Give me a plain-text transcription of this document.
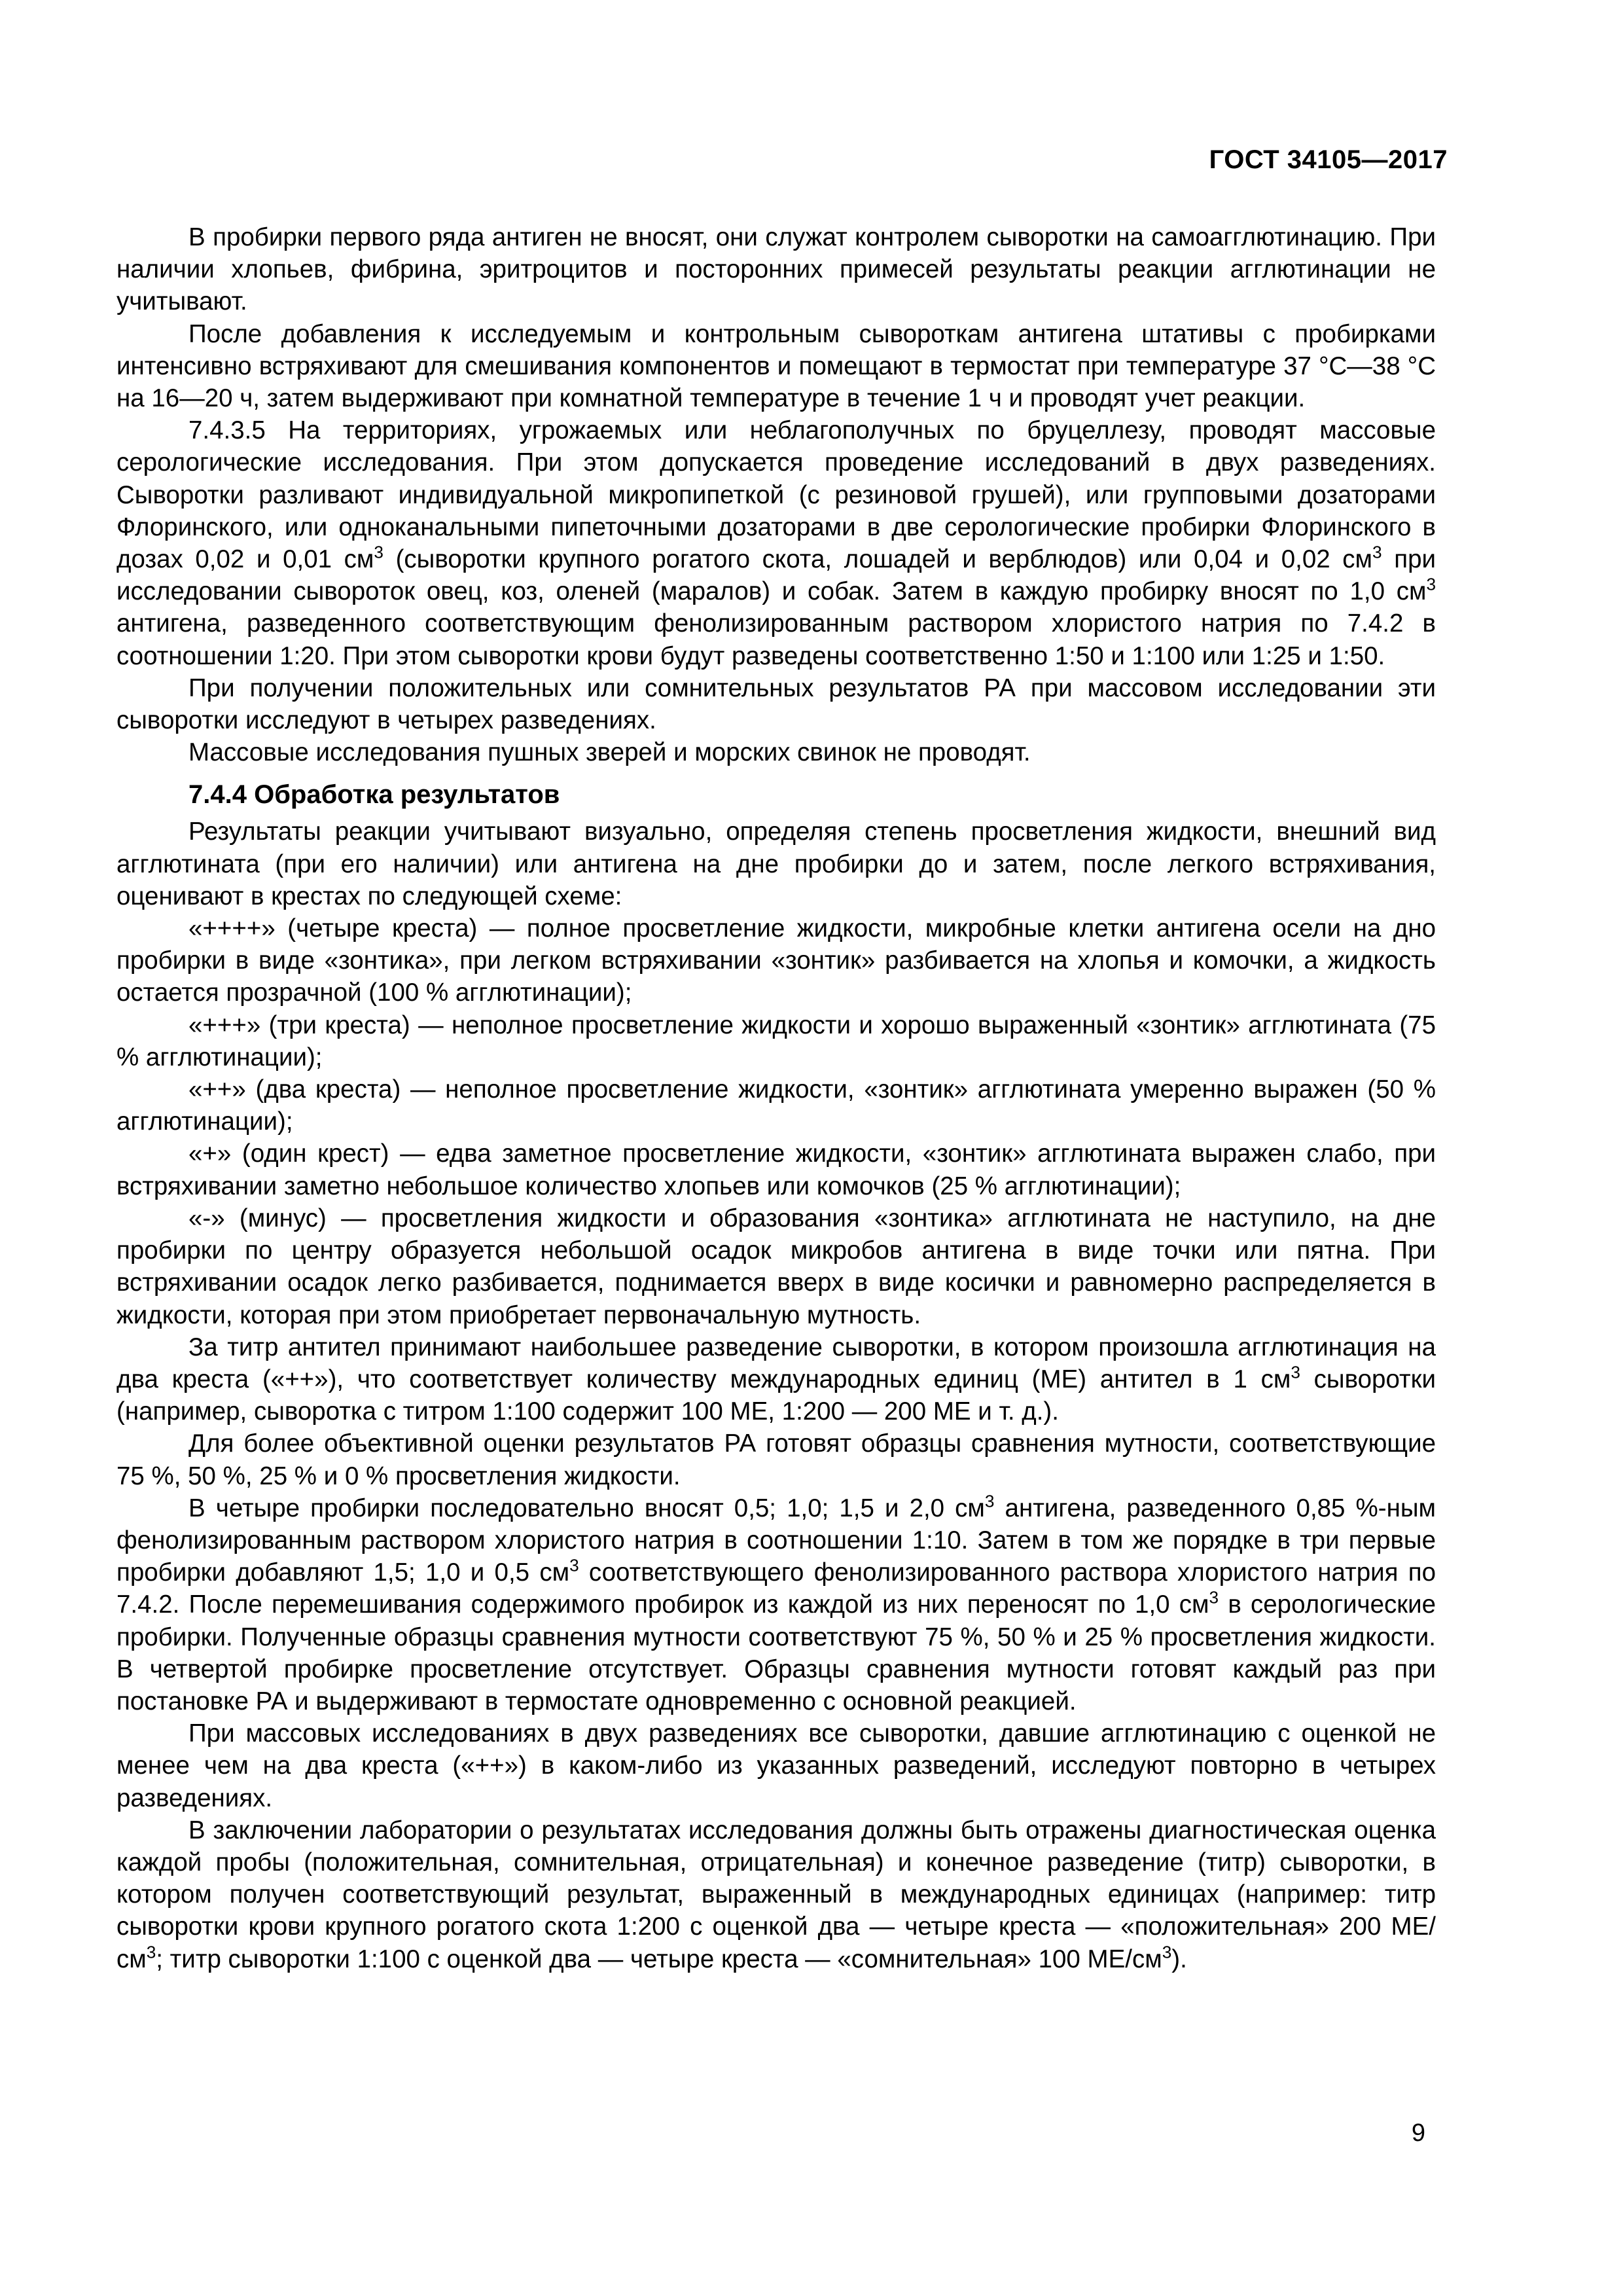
ГОСТ 34105—2017

В пробирки первого ряда антиген не вносят, они служат контролем сыворотки на самоагглютинацию. При наличии хлопьев, фибрина, эритроцитов и посторонних примесей результаты реакции агглютинации не учитывают.

После добавления к исследуемым и контрольным сывороткам антигена штативы с пробирками интенсивно встряхивают для смешивания компонентов и помещают в термостат при температуре 37 °С—38 °С на 16—20 ч, затем выдерживают при комнатной температуре в течение 1 ч и проводят учет реакции.

7.4.3.5 На территориях, угрожаемых или неблагополучных по бруцеллезу, проводят массовые серологические исследования. При этом допускается проведение исследований в двух разведениях. Сыворотки разливают индивидуальной микропипеткой (с резиновой грушей), или групповыми дозаторами Флоринского, или одноканальными пипеточными дозаторами в две серологические пробирки Флоринского в дозах 0,02 и 0,01 $см^3$ (сыворотки крупного рогатого скота, лошадей и верблюдов) или 0,04 и 0,02 $см^3$ при исследовании сывороток овец, коз, оленей (маралов) и собак. Затем в каждую пробирку вносят по 1,0 $см^3$ антигена, разведенного соответствующим фенолизированным раствором хлористого натрия по 7.4.2 в соотношении 1:20. При этом сыворотки крови будут разведены соответственно 1:50 и 1:100 или 1:25 и 1:50.

При получении положительных или сомнительных результатов РА при массовом исследовании эти сыворотки исследуют в четырех разведениях.

Массовые исследования пушных зверей и морских свинок не проводят.

7.4.4 Обработка результатов

Результаты реакции учитывают визуально, определяя степень просветления жидкости, внешний вид агглютината (при его наличии) или антигена на дне пробирки до и затем, после легкого встряхивания, оценивают в крестах по следующей схеме:

«++++» (четыре креста) — полное просветление жидкости, микробные клетки антигена осели на дно пробирки в виде «зонтика», при легком встряхивании «зонтик» разбивается на хлопья и комочки, а жидкость остается прозрачной (100 % агглютинации);

«+++» (три креста) — неполное просветление жидкости и хорошо выраженный «зонтик» агглютината (75 % агглютинации);

«++» (два креста) — неполное просветление жидкости, «зонтик» агглютината умеренно выражен (50 % агглютинации);

«+» (один крест) — едва заметное просветление жидкости, «зонтик» агглютината выражен слабо, при встряхивании заметно небольшое количество хлопьев или комочков (25 % агглютинации);

«-» (минус) — просветления жидкости и образования «зонтика» агглютината не наступило, на дне пробирки по центру образуется небольшой осадок микробов антигена в виде точки или пятна. При встряхивании осадок легко разбивается, поднимается вверх в виде косички и равномерно распределяется в жидкости, которая при этом приобретает первоначальную мутность.

За титр антител принимают наибольшее разведение сыворотки, в котором произошла агглютинация на два креста («++»), что соответствует количеству международных единиц (МЕ) антител в 1 $см^3$ сыворотки (например, сыворотка с титром 1:100 содержит 100 МЕ, 1:200 — 200 МЕ и т. д.).

Для более объективной оценки результатов РА готовят образцы сравнения мутности, соответствующие 75 %, 50 %, 25 % и 0 % просветления жидкости.

В четыре пробирки последовательно вносят 0,5; 1,0; 1,5 и 2,0 $см^3$ антигена, разведенного 0,85 %-ным фенолизированным раствором хлористого натрия в соотношении 1:10. Затем в том же порядке в три первые пробирки добавляют 1,5; 1,0 и 0,5 $см^3$ соответствующего фенолизированного раствора хлористого натрия по 7.4.2. После перемешивания содержимого пробирок из каждой из них переносят по 1,0 $см^3$ в серологические пробирки. Полученные образцы сравнения мутности соответствуют 75 %, 50 % и 25 % просветления жидкости. В четвертой пробирке просветление отсутствует. Образцы сравнения мутности готовят каждый раз при постановке РА и выдерживают в термостате одновременно с основной реакцией.

При массовых исследованиях в двух разведениях все сыворотки, давшие агглютинацию с оценкой не менее чем на два креста («++») в каком-либо из указанных разведений, исследуют повторно в четырех разведениях.

В заключении лаборатории о результатах исследования должны быть отражены диагностическая оценка каждой пробы (положительная, сомнительная, отрицательная) и конечное разведение (титр) сыворотки, в котором получен соответствующий результат, выраженный в международных единицах (например: титр сыворотки крови крупного рогатого скота 1:200 с оценкой два — четыре креста — «положительная» 200 $МЕ/см^3$; титр сыворотки 1:100 с оценкой два — четыре креста — «сомнительная» 100 $МЕ/см^3$).

9
